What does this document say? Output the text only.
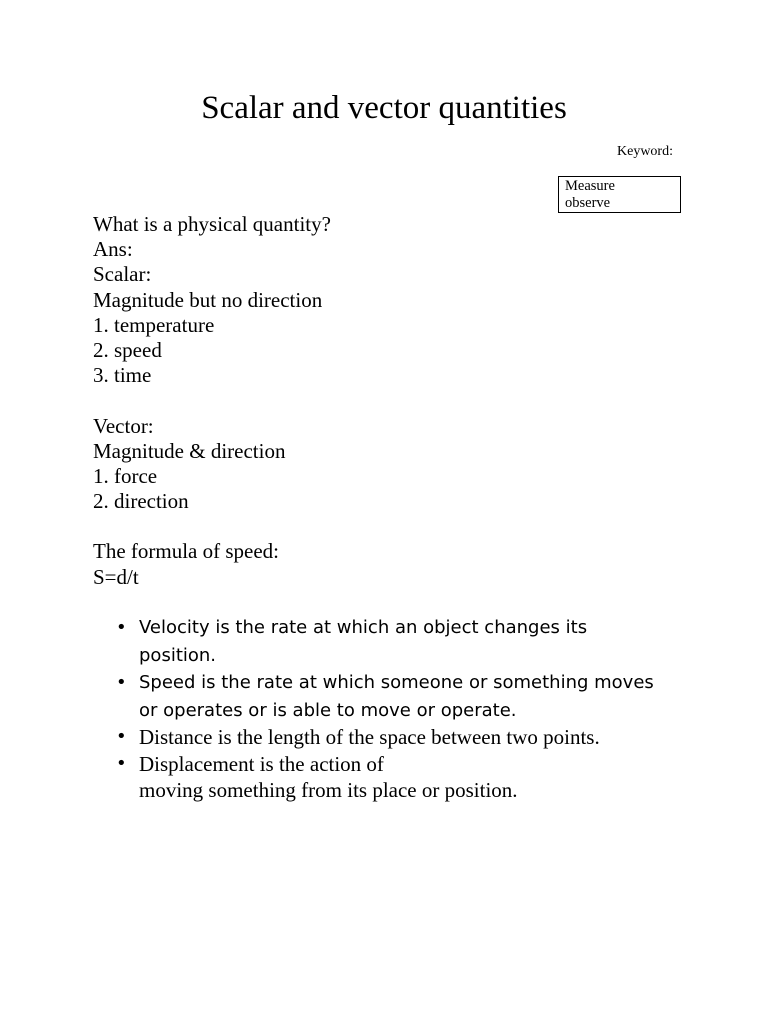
Scalar and vector quantities
Keyword:
Measure
observe
What is a physical quantity?
Ans:
Scalar:
Magnitude but no direction
1. temperature
2. speed
3. time
Vector:
Magnitude & direction
1. force
2. direction
The formula of speed:
S=d/t
• Velocity is the rate at which an object changes its
position.
• Speed is the rate at which someone or something moves
or operates or is able to move or operate.
• Distance is the length of the space between two points.
• Displacement is the action of
moving something from its place or position.
